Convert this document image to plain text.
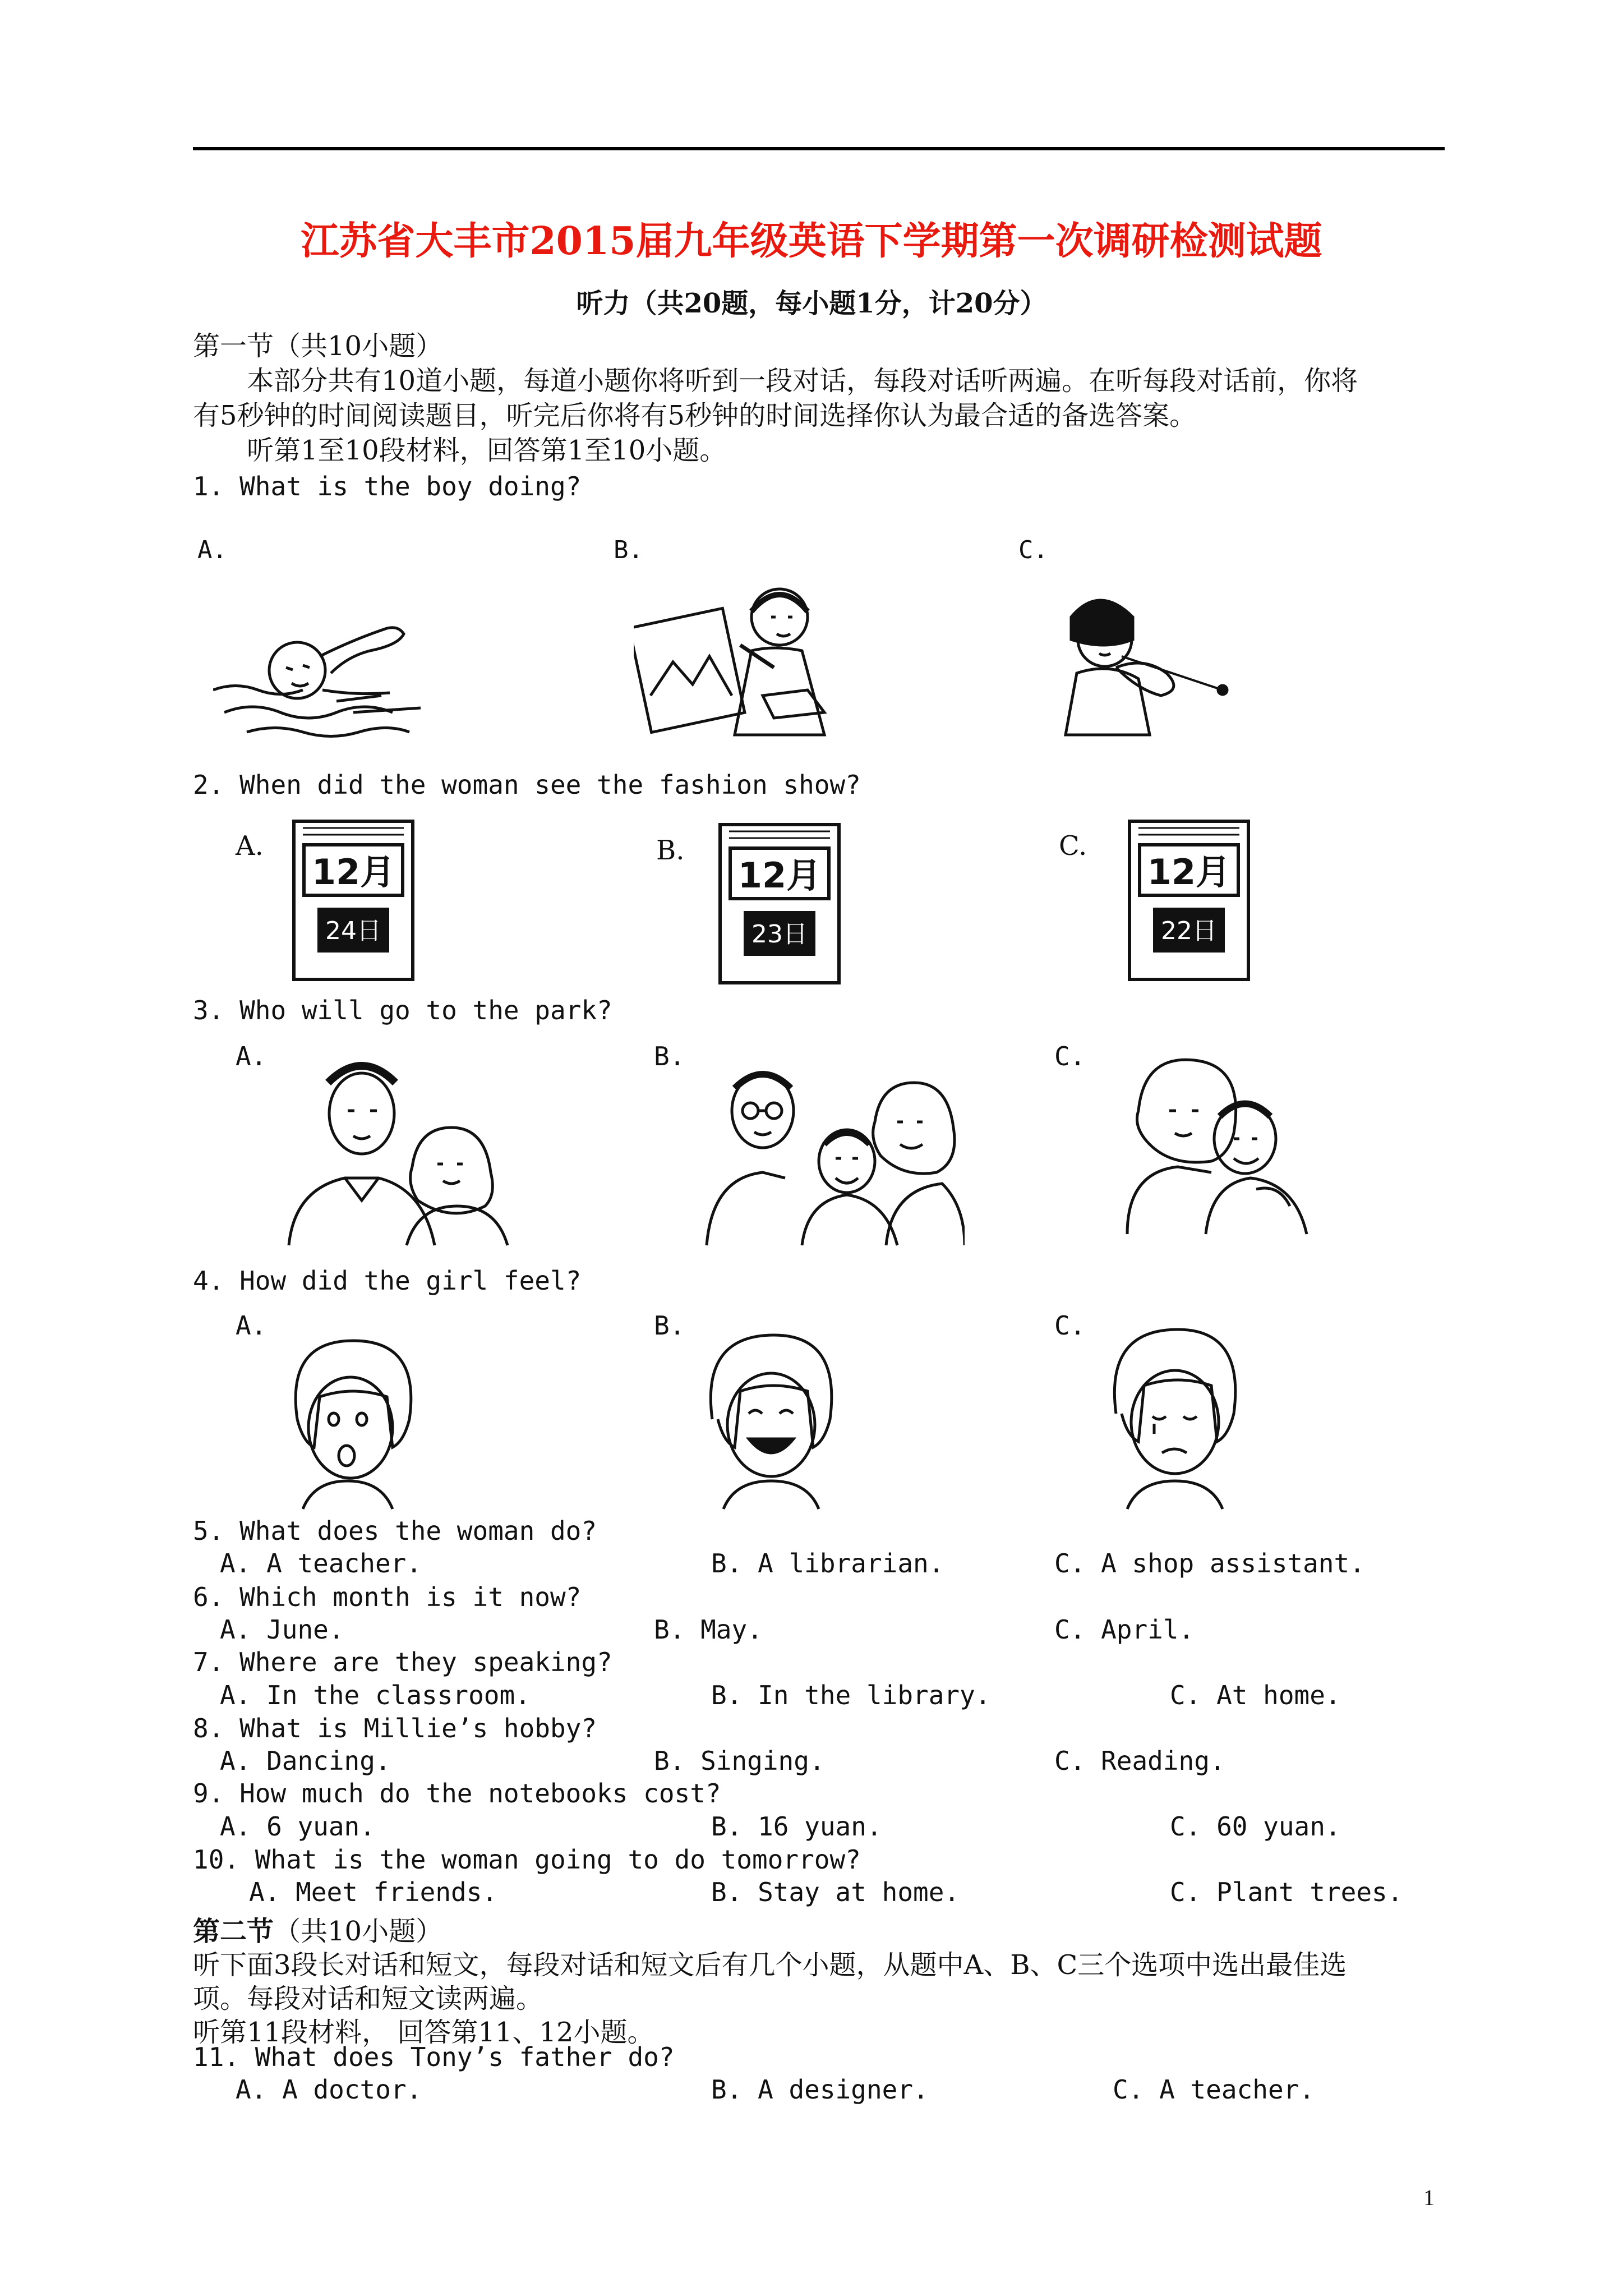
江苏省大丰市2015届九年级英语下学期第一次调研检测试题
听力（共20题，每小题1分，计20分）
第一节（共10小题）
本部分共有10道小题，每道小题你将听到一段对话，每段对话听两遍。在听每段对话前，你将
有5秒钟的时间阅读题目，听完后你将有5秒钟的时间选择你认为最合适的备选答案。
听第1至10段材料，回答第1至10小题。
1. What is the boy doing?
A.	B.	C.
2. When did the woman see the fashion show?
A.	B.	C.
12月
24日
12月
23日
12月
22日
3. Who will go to the park?
A.	B.	C.
4. How did the girl feel?
A.	B.	C.
5. What does the woman do?
A. A teacher.	B. A librarian.	C. A shop assistant.
6. Which month is it now?
A. June.	B. May.	C. April.
7. Where are they speaking?
A. In the classroom.	B. In the library.	C. At home.
8. What is Millie’s hobby?
A. Dancing.	B. Singing.	C. Reading.
9. How much do the notebooks cost?
A. 6 yuan.	B. 16 yuan.	C. 60 yuan.
10. What is the woman going to do tomorrow?
A. Meet friends.	B. Stay at home.	C. Plant trees.
第二节（共10小题）
听下面3段长对话和短文，每段对话和短文后有几个小题，从题中A、B、C三个选项中选出最佳选
项。每段对话和短文读两遍。
听第11段材料， 回答第11、12小题。
11. What does Tony’s father do?
A. A doctor.	B. A designer.	C. A teacher.
1
